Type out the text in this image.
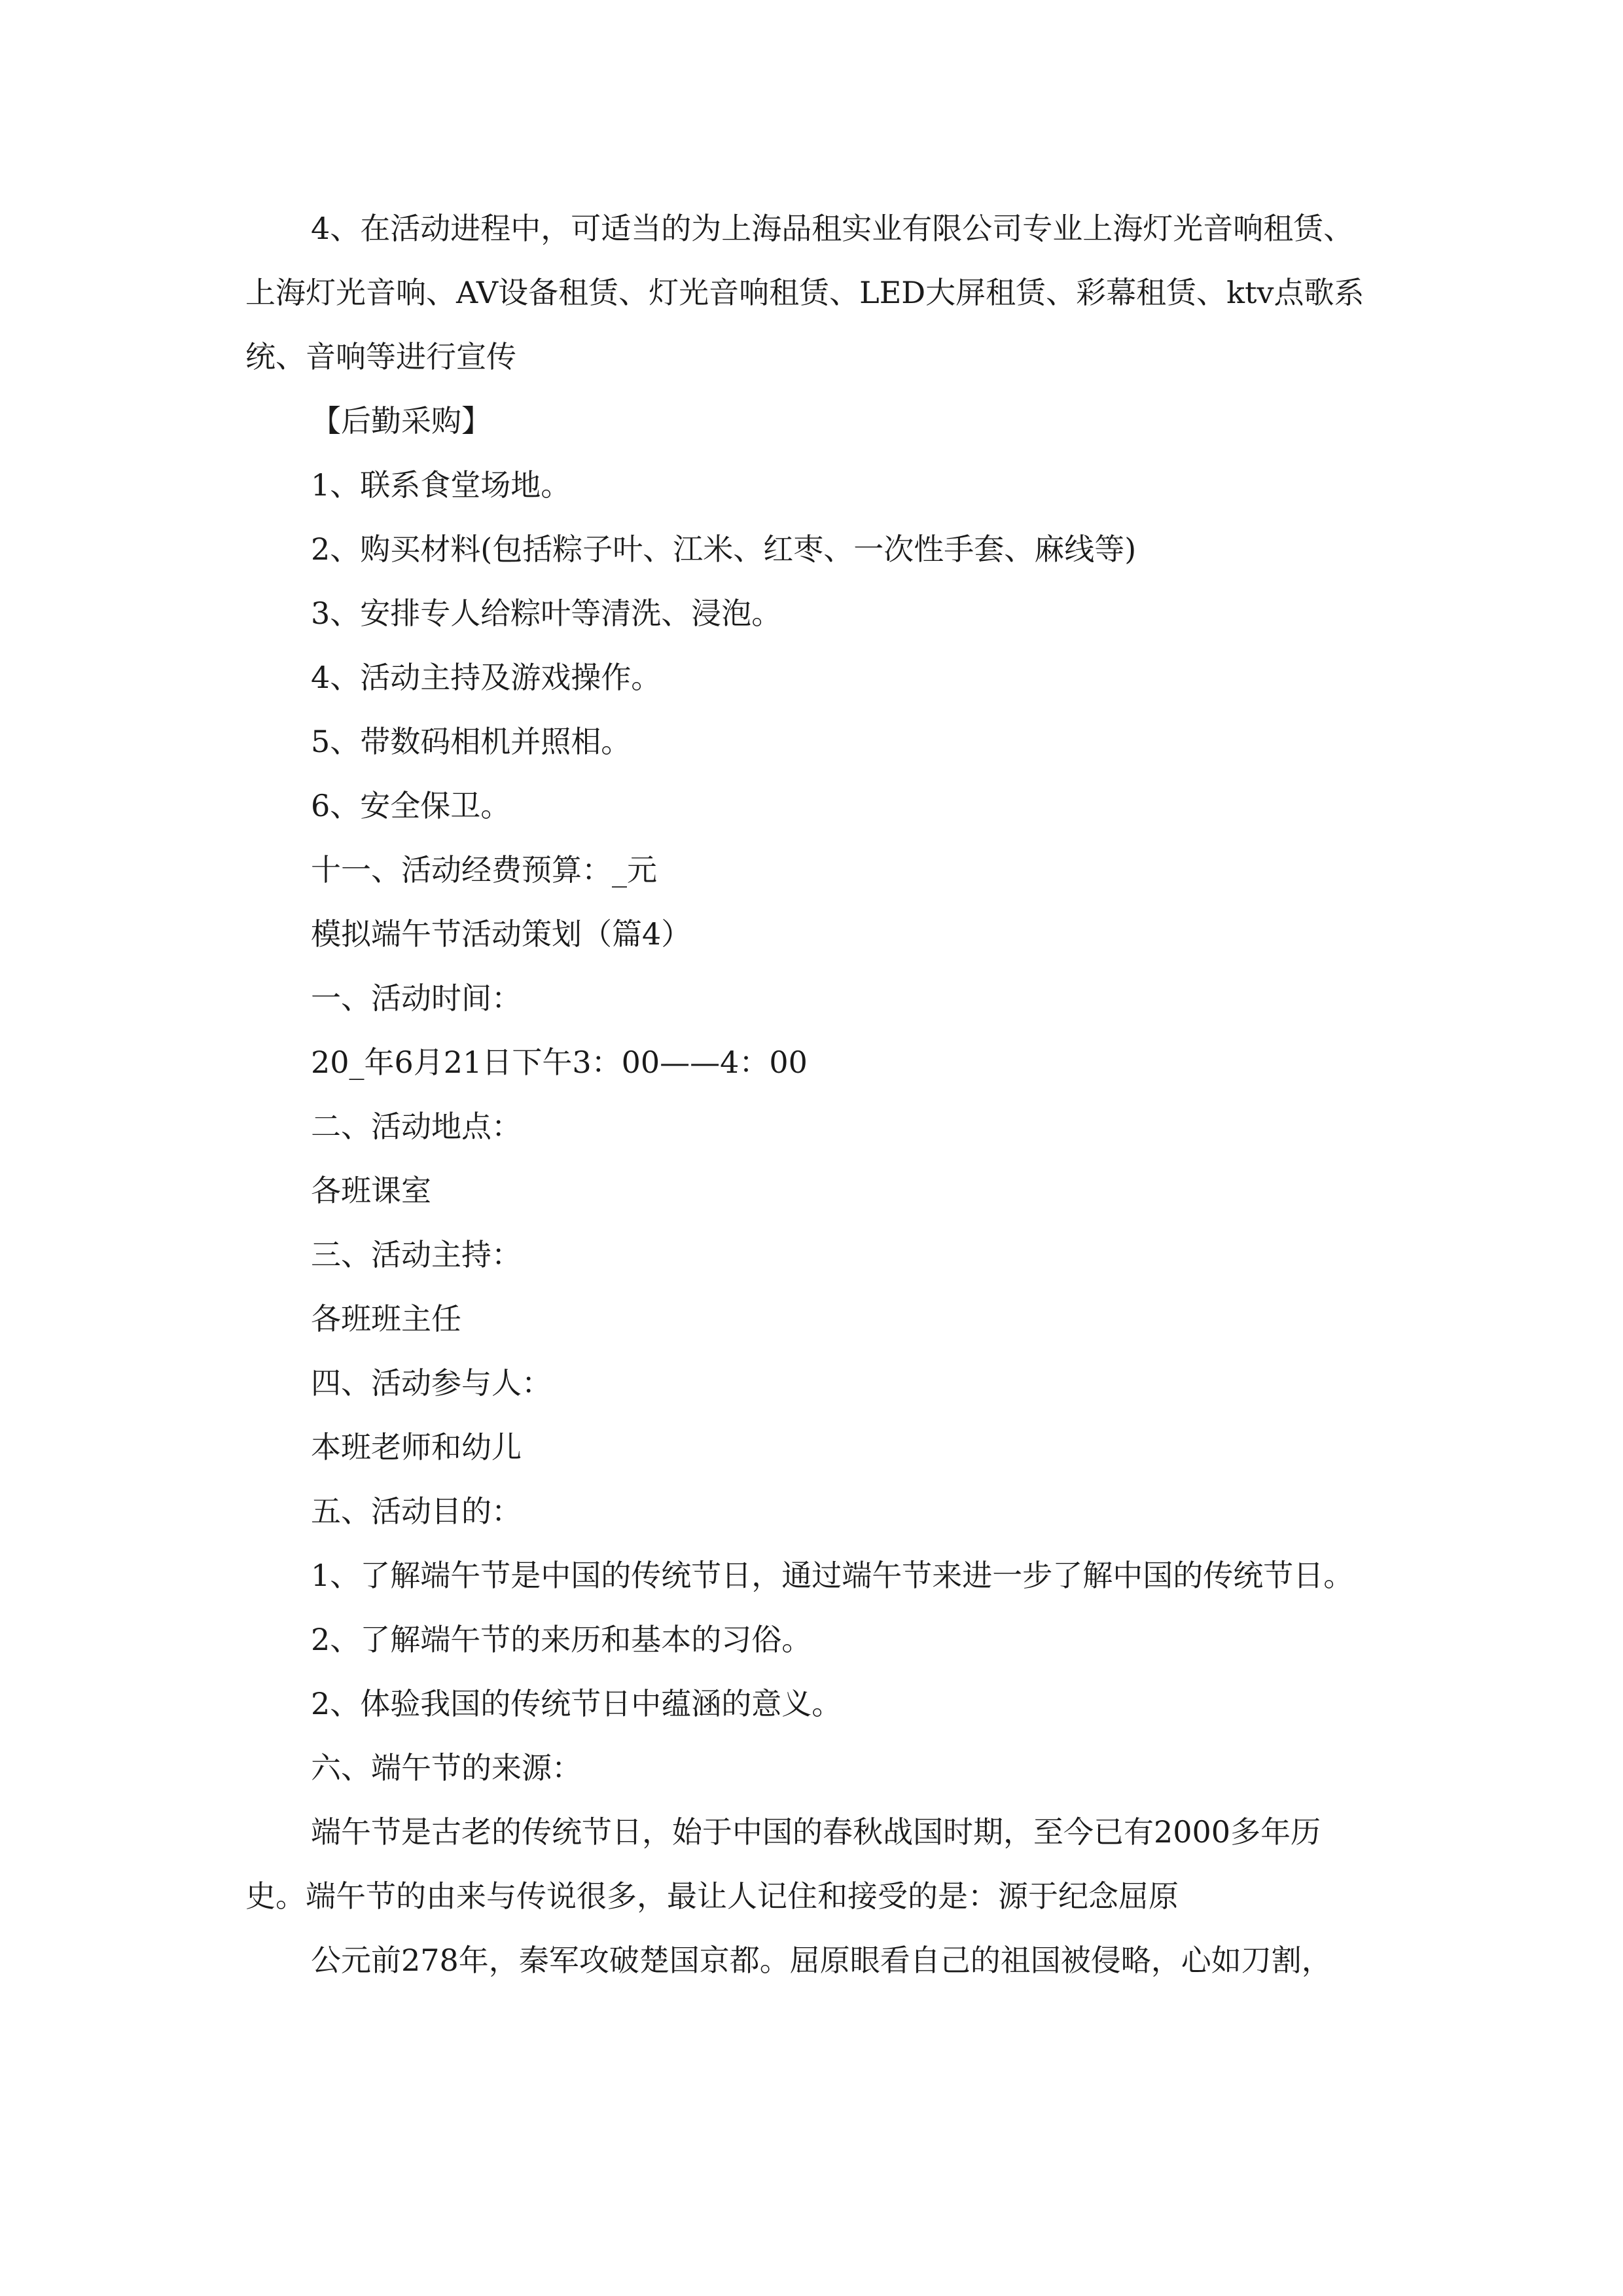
4、在活动进程中，可适当的为上海品租实业有限公司专业上海灯光音响租赁、上海灯光音响、AV设备租赁、灯光音响租赁、LED大屏租赁、彩幕租赁、ktv点歌系统、音响等进行宣传

【后勤采购】

1、联系食堂场地。

2、购买材料(包括粽子叶、江米、红枣、一次性手套、麻线等)

3、安排专人给粽叶等清洗、浸泡。

4、活动主持及游戏操作。

5、带数码相机并照相。

6、安全保卫。

十一、活动经费预算：_元

模拟端午节活动策划（篇4）

一、活动时间：

20_年6月21日下午3：00——4：00

二、活动地点：

各班课室

三、活动主持：

各班班主任

四、活动参与人：

本班老师和幼儿

五、活动目的：

1、了解端午节是中国的传统节日，通过端午节来进一步了解中国的传统节日。

2、了解端午节的来历和基本的习俗。

2、体验我国的传统节日中蕴涵的意义。

六、端午节的来源：

端午节是古老的传统节日，始于中国的春秋战国时期，至今已有2000多年历史。端午节的由来与传说很多，最让人记住和接受的是：源于纪念屈原

公元前278年，秦军攻破楚国京都。屈原眼看自己的祖国被侵略，心如刀割，
